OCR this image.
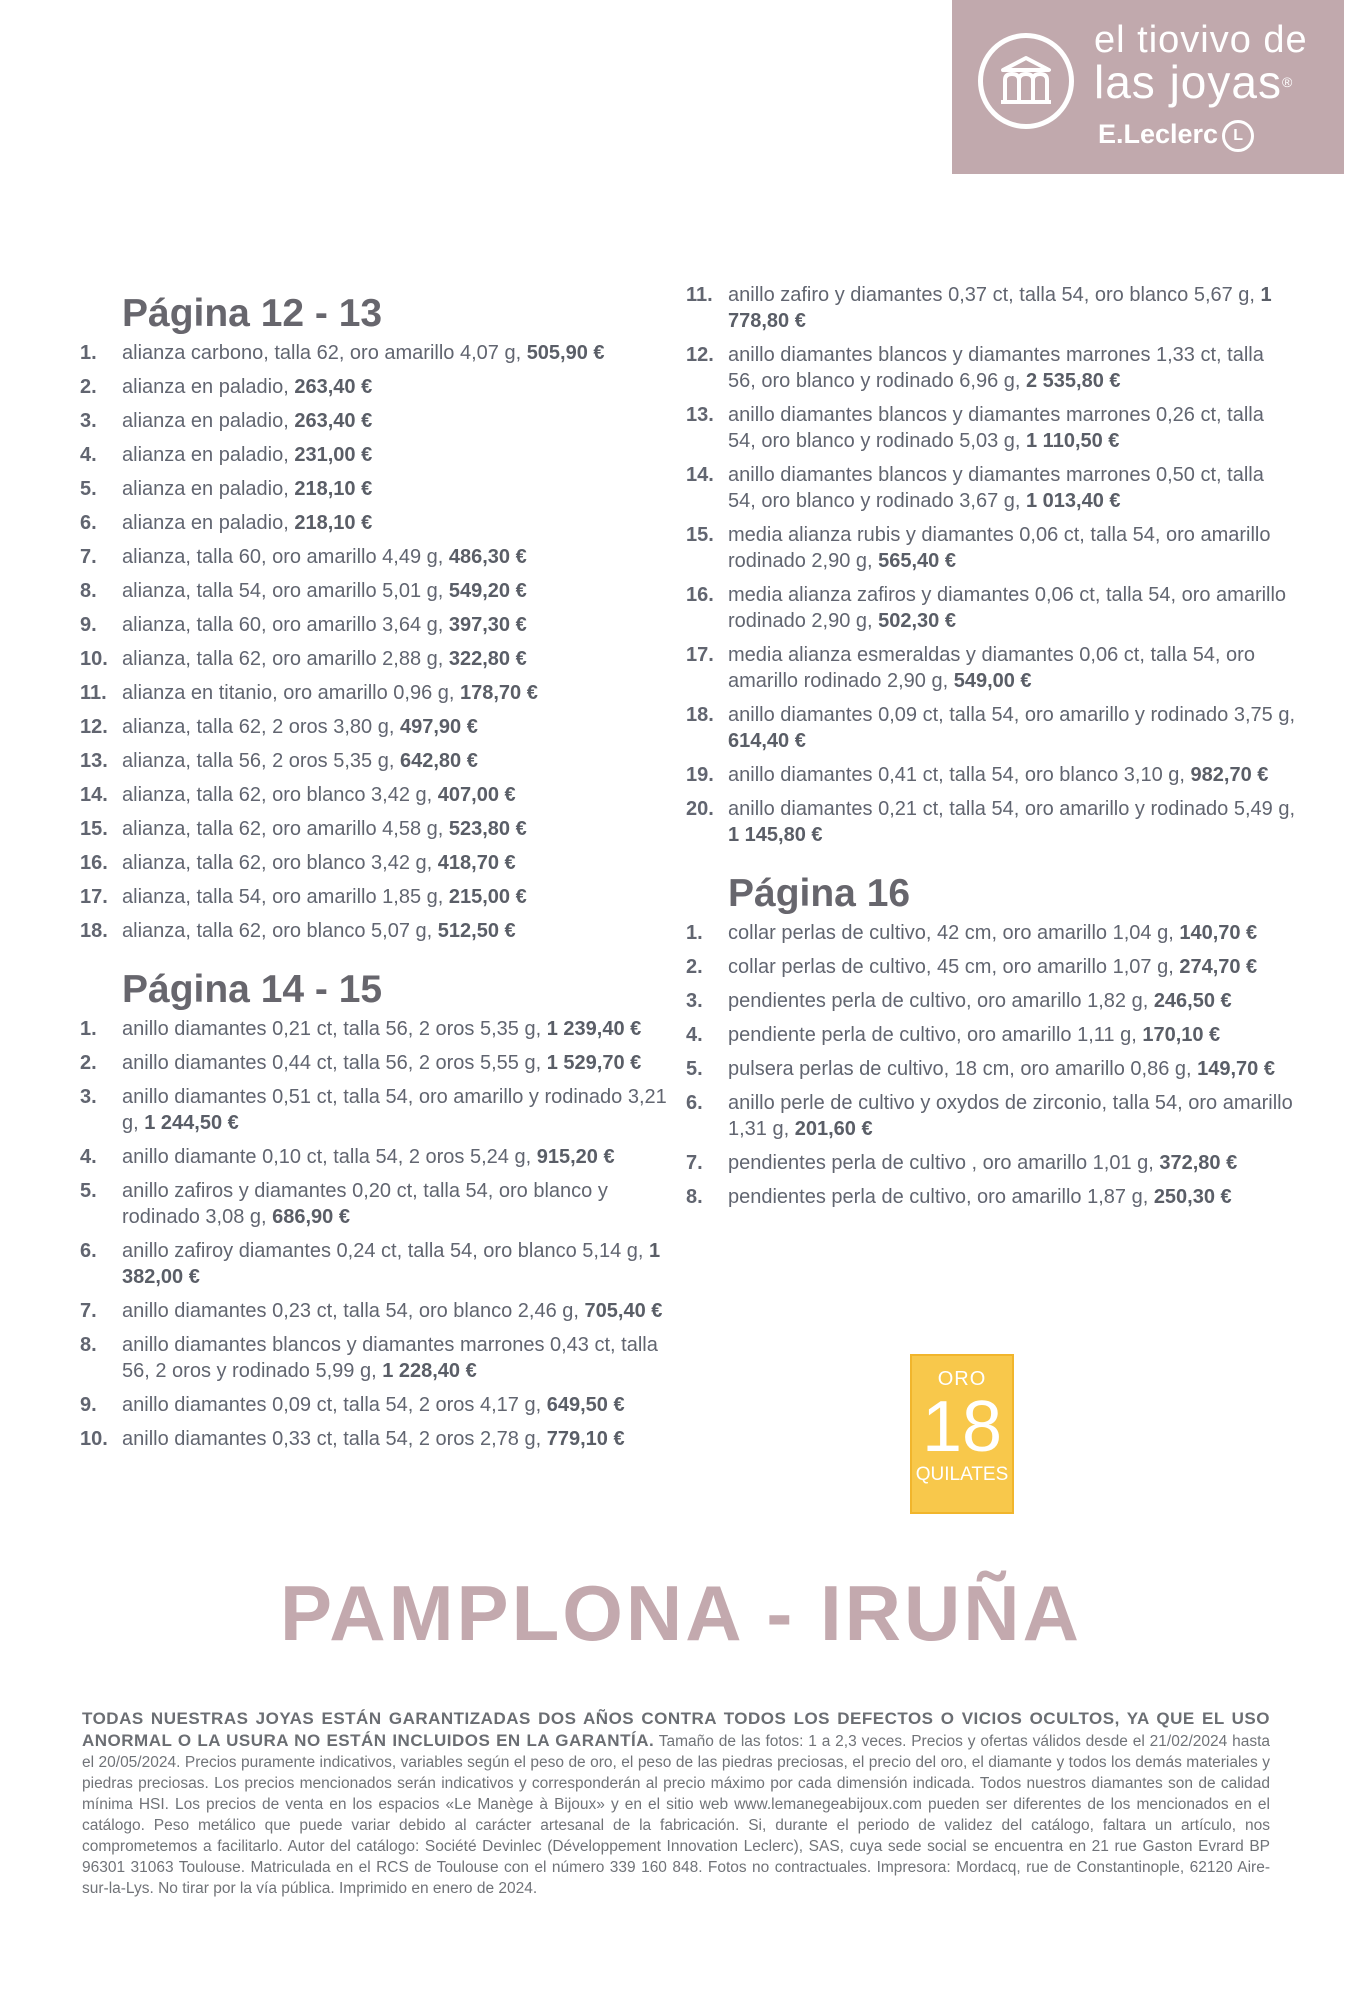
el tiovivo de
las joyas®
E.Leclerc L
Página 12 - 13
1.	alianza carbono, talla 62, oro amarillo 4,07 g, 505,90 €
2.	alianza en paladio, 263,40 €
3.	alianza en paladio, 263,40 €
4.	alianza en paladio, 231,00 €
5.	alianza en paladio, 218,10 €
6.	alianza en paladio, 218,10 €
7.	alianza, talla 60, oro amarillo 4,49 g, 486,30 €
8.	alianza, talla 54, oro amarillo 5,01 g, 549,20 €
9.	alianza, talla 60, oro amarillo 3,64 g, 397,30 €
10. alianza, talla 62, oro amarillo 2,88 g, 322,80 €
11. alianza en titanio, oro amarillo 0,96 g, 178,70 €
12. alianza, talla 62, 2 oros 3,80 g, 497,90 €
13. alianza, talla 56, 2 oros 5,35 g, 642,80 €
14. alianza, talla 62, oro blanco 3,42 g, 407,00 €
15. alianza, talla 62, oro amarillo 4,58 g, 523,80 €
16. alianza, talla 62, oro blanco 3,42 g, 418,70 €
17. alianza, talla 54, oro amarillo 1,85 g, 215,00 €
18. alianza, talla 62, oro blanco 5,07 g, 512,50 €
Página 14 - 15
1.	anillo diamantes 0,21 ct, talla 56, 2 oros 5,35 g, 1 239,40 €
2.	anillo diamantes 0,44 ct, talla 56, 2 oros 5,55 g, 1 529,70 €
3.	anillo diamantes 0,51 ct, talla 54, oro amarillo y rodinado 3,21 g, 1 244,50 €
4.	anillo diamante 0,10 ct, talla 54, 2 oros 5,24 g, 915,20 €
5.	anillo zafiros y diamantes 0,20 ct, talla 54, oro blanco y rodinado 3,08 g, 686,90 €
6.	anillo zafiroy diamantes 0,24 ct, talla 54, oro blanco 5,14 g, 1 382,00 €
7.	anillo diamantes 0,23 ct, talla 54, oro blanco 2,46 g, 705,40 €
8.	anillo diamantes blancos y diamantes marrones 0,43 ct, talla 56, 2 oros y rodinado 5,99 g, 1 228,40 €
9.	anillo diamantes 0,09 ct, talla 54, 2 oros 4,17 g, 649,50 €
10. anillo diamantes 0,33 ct, talla 54, 2 oros 2,78 g, 779,10 €
11. anillo zafiro y diamantes 0,37 ct, talla 54, oro blanco 5,67 g, 1 778,80 €
12. anillo diamantes blancos y diamantes marrones 1,33 ct, talla 56, oro blanco y rodinado 6,96 g, 2 535,80 €
13. anillo diamantes blancos y diamantes marrones 0,26 ct, talla 54, oro blanco y rodinado 5,03 g, 1 110,50 €
14. anillo diamantes blancos y diamantes marrones 0,50 ct, talla 54, oro blanco y rodinado 3,67 g, 1 013,40 €
15. media alianza rubis y diamantes 0,06 ct, talla 54, oro amarillo rodinado 2,90 g, 565,40 €
16. media alianza zafiros y diamantes 0,06 ct, talla 54, oro amarillo rodinado 2,90 g, 502,30 €
17. media alianza esmeraldas y diamantes 0,06 ct, talla 54, oro amarillo rodinado 2,90 g, 549,00 €
18. anillo diamantes 0,09 ct, talla 54, oro amarillo y rodinado 3,75 g, 614,40 €
19. anillo diamantes 0,41 ct, talla 54, oro blanco 3,10 g, 982,70 €
20. anillo diamantes 0,21 ct, talla 54, oro amarillo y rodinado 5,49 g, 1 145,80 €
Página 16
1.	collar perlas de cultivo, 42 cm, oro amarillo 1,04 g, 140,70 €
2.	collar perlas de cultivo, 45 cm, oro amarillo 1,07 g, 274,70 €
3.	pendientes perla de cultivo, oro amarillo 1,82 g, 246,50 €
4.	pendiente perla de cultivo, oro amarillo 1,11 g, 170,10 €
5.	pulsera perlas de cultivo, 18 cm, oro amarillo 0,86 g, 149,70 €
6.	anillo perle de cultivo y oxydos de zirconio, talla 54, oro amarillo 1,31 g, 201,60 €
7.	pendientes perla de cultivo , oro amarillo 1,01 g, 372,80 €
8.	pendientes perla de cultivo, oro amarillo 1,87 g, 250,30 €
ORO
18
QUILATES
PAMPLONA - IRUÑA
TODAS NUESTRAS JOYAS ESTÁN GARANTIZADAS DOS AÑOS CONTRA TODOS LOS DEFECTOS O VICIOS OCULTOS, YA QUE EL USO ANORMAL O LA USURA NO ESTÁN INCLUIDOS EN LA GARANTÍA. Tamaño de las fotos: 1 a 2,3 veces. Precios y ofertas válidos desde el 21/02/2024 hasta el 20/05/2024. Precios puramente indicativos, variables según el peso de oro, el peso de las piedras preciosas, el precio del oro, el diamante y todos los demás materiales y piedras preciosas. Los precios mencionados serán indicativos y corresponderán al precio máximo por cada dimensión indicada. Todos nuestros diamantes son de calidad mínima HSI. Los precios de venta en los espacios «Le Manège à Bijoux» y en el sitio web www.lemanegeabijoux.com pueden ser diferentes de los mencionados en el catálogo. Peso metálico que puede variar debido al carácter artesanal de la fabricación. Si, durante el periodo de validez del catálogo, faltara un artículo, nos comprometemos a facilitarlo. Autor del catálogo: Société Devinlec (Développement Innovation Leclerc), SAS, cuya sede social se encuentra en 21 rue Gaston Evrard BP 96301 31063 Toulouse. Matriculada en el RCS de Toulouse con el número 339 160 848. Fotos no contractuales. Impresora: Mordacq, rue de Constantinople, 62120 Aire-sur-la-Lys. No tirar por la vía pública. Imprimido en enero de 2024.
